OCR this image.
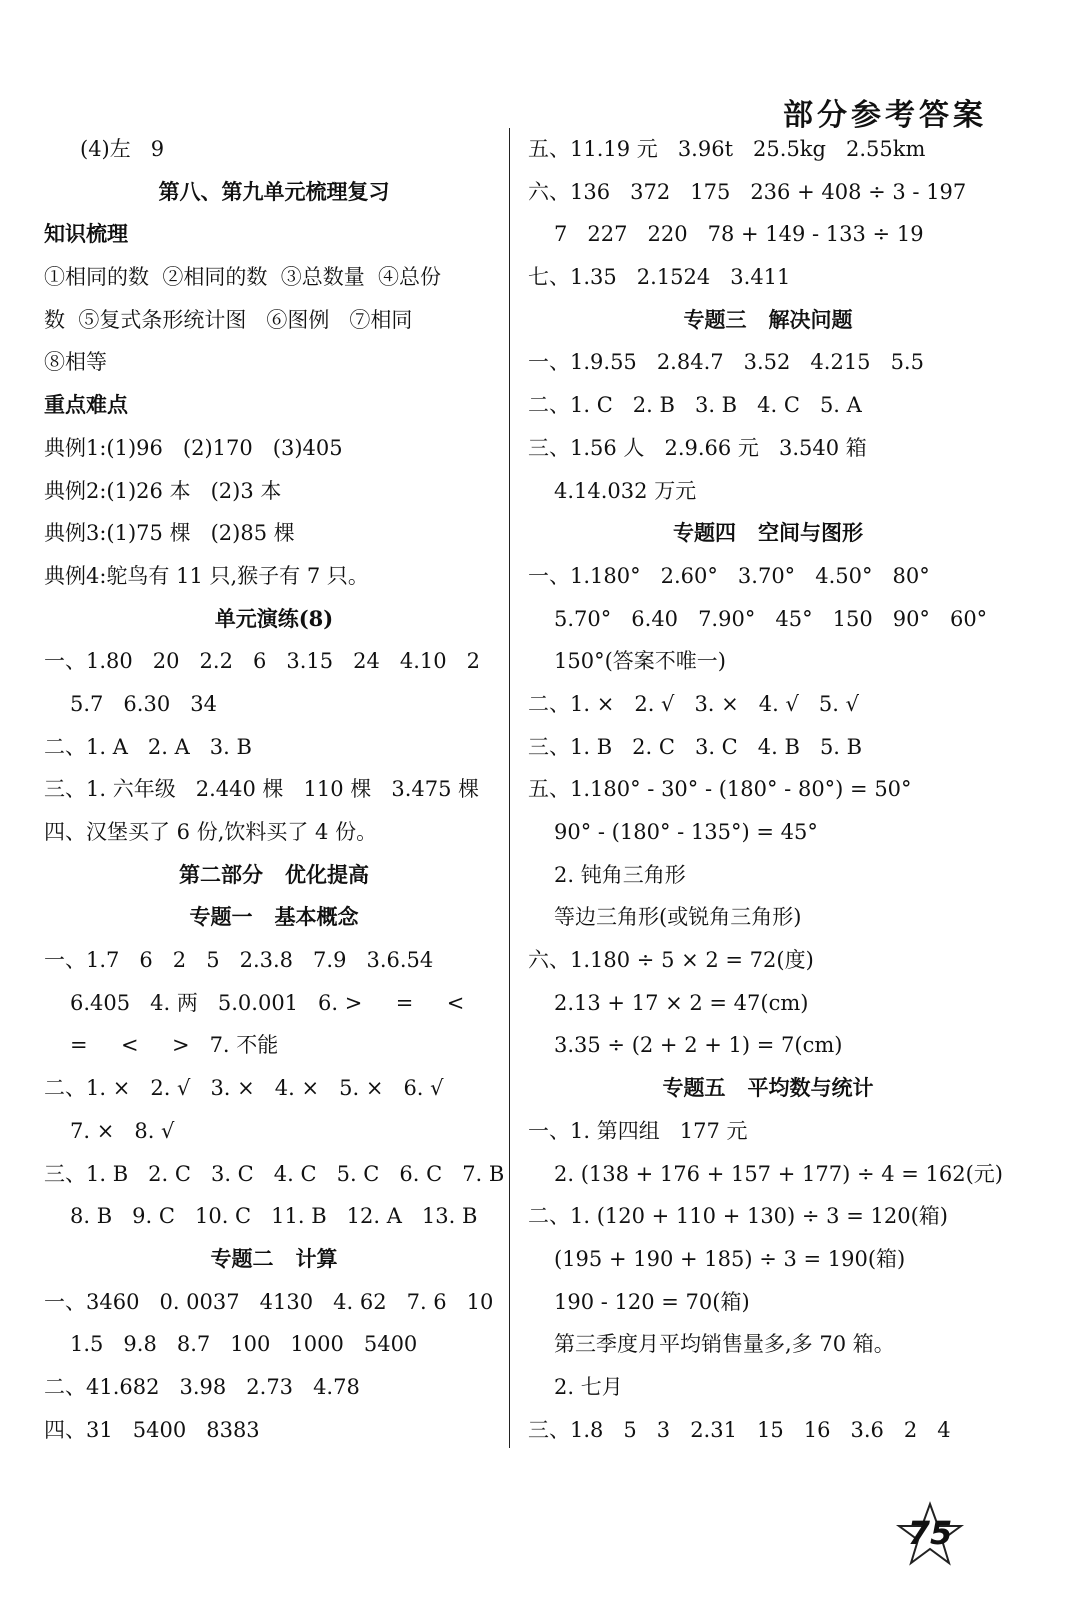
部分参考答案
(4)左   9
第八、第九单元梳理复习
知识梳理
①相同的数  ②相同的数  ③总数量  ④总份
数  ⑤复式条形统计图   ⑥图例   ⑦相同
⑧相等
重点难点
典例1:(1)96   (2)170   (3)405
典例2:(1)26 本   (2)3 本
典例3:(1)75 棵   (2)85 棵
典例4:鸵鸟有 11 只,猴子有 7 只。
单元演练(8)
一、1.80   20   2.2   6   3.15   24   4.10   2
5.7   6.30   34
二、1. A   2. A   3. B
三、1. 六年级   2.440 棵   110 棵   3.475 棵
四、汉堡买了 6 份,饮料买了 4 份。
第二部分   优化提高
专题一   基本概念
一、1.7   6   2   5   2.3.8   7.9   3.6.54
6.405   4. 两   5.0.001   6. >     =     <
=     <     >   7. 不能
二、1. ×   2. √   3. ×   4. ×   5. ×   6. √
7. ×   8. √
三、1. B   2. C   3. C   4. C   5. C   6. C   7. B
8. B   9. C   10. C   11. B   12. A   13. B
专题二   计算
一、3460   0. 0037   4130   4. 62   7. 6   10
1.5   9.8   8.7   100   1000   5400
二、41.682   3.98   2.73   4.78
四、31   5400   8383
五、11.19 元   3.96t   25.5kg   2.55km
六、136   372   175   236 + 408 ÷ 3 - 197
7   227   220   78 + 149 - 133 ÷ 19
七、1.35   2.1524   3.411
专题三   解决问题
一、1.9.55   2.84.7   3.52   4.215   5.5
二、1. C   2. B   3. B   4. C   5. A
三、1.56 人   2.9.66 元   3.540 箱
4.14.032 万元
专题四   空间与图形
一、1.180°   2.60°   3.70°   4.50°   80°
5.70°   6.40   7.90°   45°   150   90°   60°
150°(答案不唯一)
二、1. ×   2. √   3. ×   4. √   5. √
三、1. B   2. C   3. C   4. B   5. B
五、1.180° - 30° - (180° - 80°) = 50°
90° - (180° - 135°) = 45°
2. 钝角三角形
等边三角形(或锐角三角形)
六、1.180 ÷ 5 × 2 = 72(度)
2.13 + 17 × 2 = 47(cm)
3.35 ÷ (2 + 2 + 1) = 7(cm)
专题五   平均数与统计
一、1. 第四组   177 元
2. (138 + 176 + 157 + 177) ÷ 4 = 162(元)
二、1. (120 + 110 + 130) ÷ 3 = 120(箱)
(195 + 190 + 185) ÷ 3 = 190(箱)
190 - 120 = 70(箱)
第三季度月平均销售量多,多 70 箱。
2. 七月
三、1.8   5   3   2.31   15   16   3.6   2   4
75
